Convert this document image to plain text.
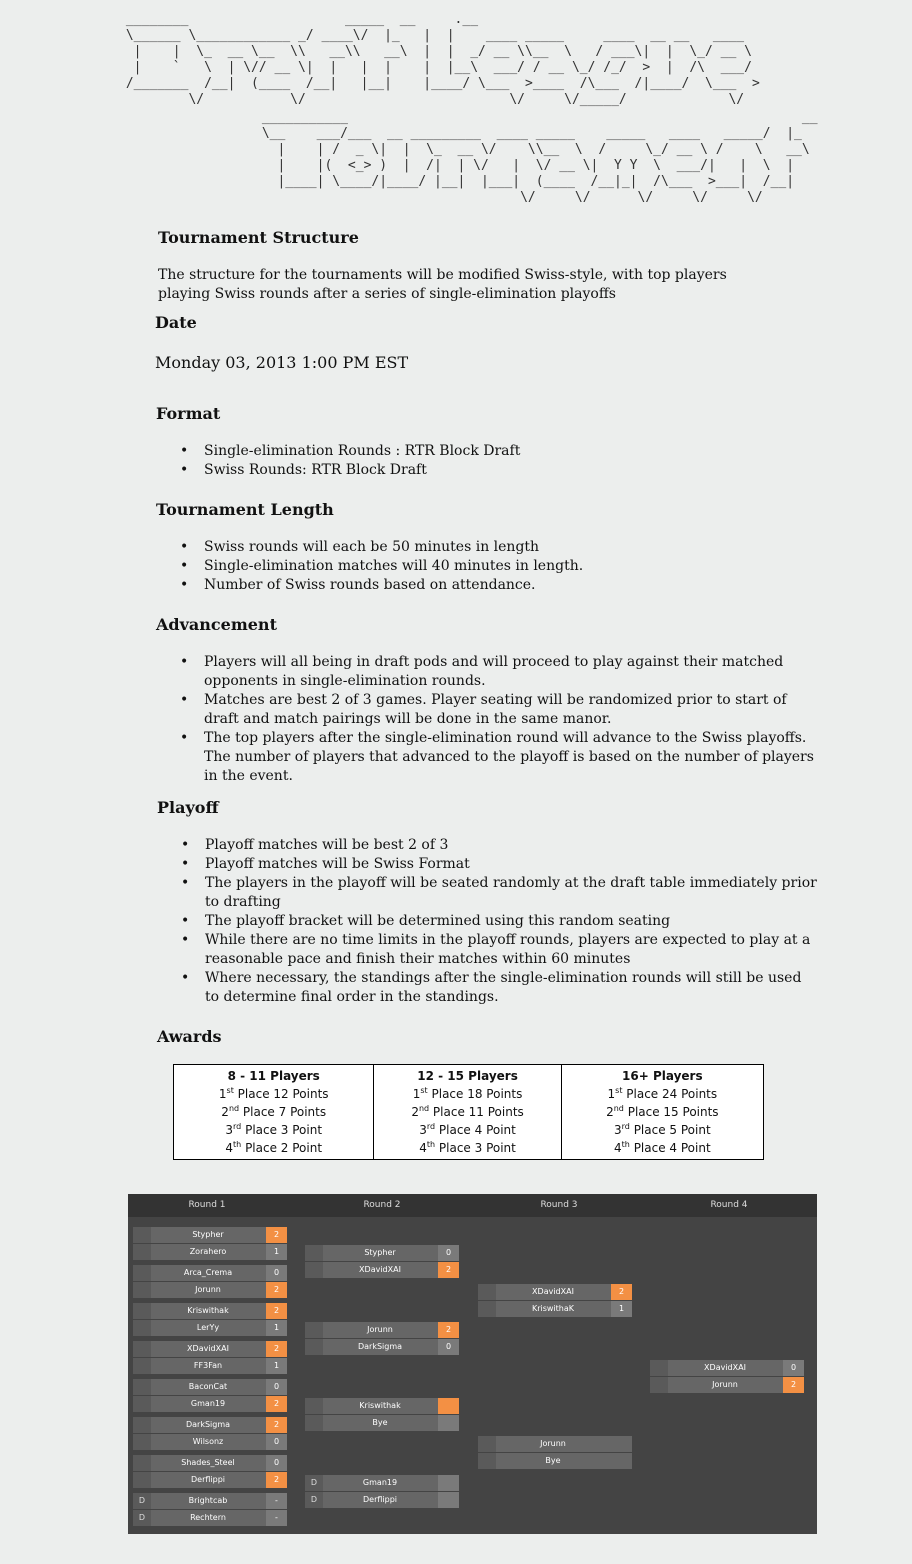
________                    _____  __     .__
\______ \____________ _/ ____\/  |_   |  |    ____ _____     ____  __ __   ____
|    |  \_  __ \__  \\   __\\   __\  |  |  _/ __ \\__  \   / ___\|  |  \_/ __ \
|    `   \  | \// __ \|  |   |  |    |  |__\  ___/ / __ \_/ /_/  >  |  /\  ___/
/_______  /__|  (____  /__|   |__|    |____/ \___  >____  /\___  /|____/  \___  >
\/           \/                          \/     \/_____/             \/
___________                                                          __
\__    ___/___  __ _________  ____ _____    _____   ____   _____/  |_
|    | /  _ \|  |  \_  __ \/    \\__  \  /     \_/ __ \ /    \   __\
|    |(  <_> )  |  /|  | \/   |  \/ __ \|  Y Y  \  ___/|   |  \  |
|____| \____/|____/ |__|  |___|  (____  /__|_|  /\___  >___|  /__|
\/     \/      \/     \/     \/
Tournament Structure

The structure for the tournaments will be modified Swiss-style, with top players playing Swiss rounds after a series of single-elimination playoffs

Date

Monday 03, 2013 1:00 PM EST

Format
• Single-elimination Rounds : RTR Block Draft
• Swiss Rounds: RTR Block Draft
Tournament Length
• Swiss rounds will each be 50 minutes in length
• Single-elimination matches will 40 minutes in length.
• Number of Swiss rounds based on attendance.
Advancement
• Players will all being in draft pods and will proceed to play against their matched opponents in single-elimination rounds.
• Matches are best 2 of 3 games. Player seating will be randomized prior to start of draft and match pairings will be done in the same manor.
• The top players after the single-elimination round will advance to the Swiss playoffs. The number of players that advanced to the playoff is based on the number of players in the event.
Playoff
• Playoff matches will be best 2 of 3
• Playoff matches will be Swiss Format
• The players in the playoff will be seated randomly at the draft table immediately prior to drafting
• The playoff bracket will be determined using this random seating
• While there are no time limits in the playoff rounds, players are expected to play at a reasonable pace and finish their matches within 60 minutes
• Where necessary, the standings after the single-elimination rounds will still be used to determine final order in the standings.
Awards
8 - 11 Players
1st Place 12 Points
2nd Place 7 Points
3rd Place 3 Point
4th Place 2 Point

12 - 15 Players
1st Place 18 Points
2nd Place 11 Points
3rd Place 4 Point
4th Place 3 Point

16+ Players
1st Place 24 Points
2nd Place 15 Points
3rd Place 5 Point
4th Place 4 Point
Round 1	Round 2	Round 3	Round 4
Stypher	2
Zorahero	1
Arca_Crema	0
Jorunn	2
Kriswithak	2
LerYy	1
XDavidXAI	2
FF3Fan	1
BaconCat	0
Gman19	2
DarkSigma	2
Wilsonz	0
Shades_Steel	0
Derflippi	2
D	Brightcab	-
D	Rechtern	-
Stypher	0
XDavidXAI	2
Jorunn	2
DarkSigma	0
Kriswithak
Bye
D	Gman19
D	Derflippi
XDavidXAI	2
KriswithaK	1
Jorunn
Bye
XDavidXAI	0
Jorunn	2
